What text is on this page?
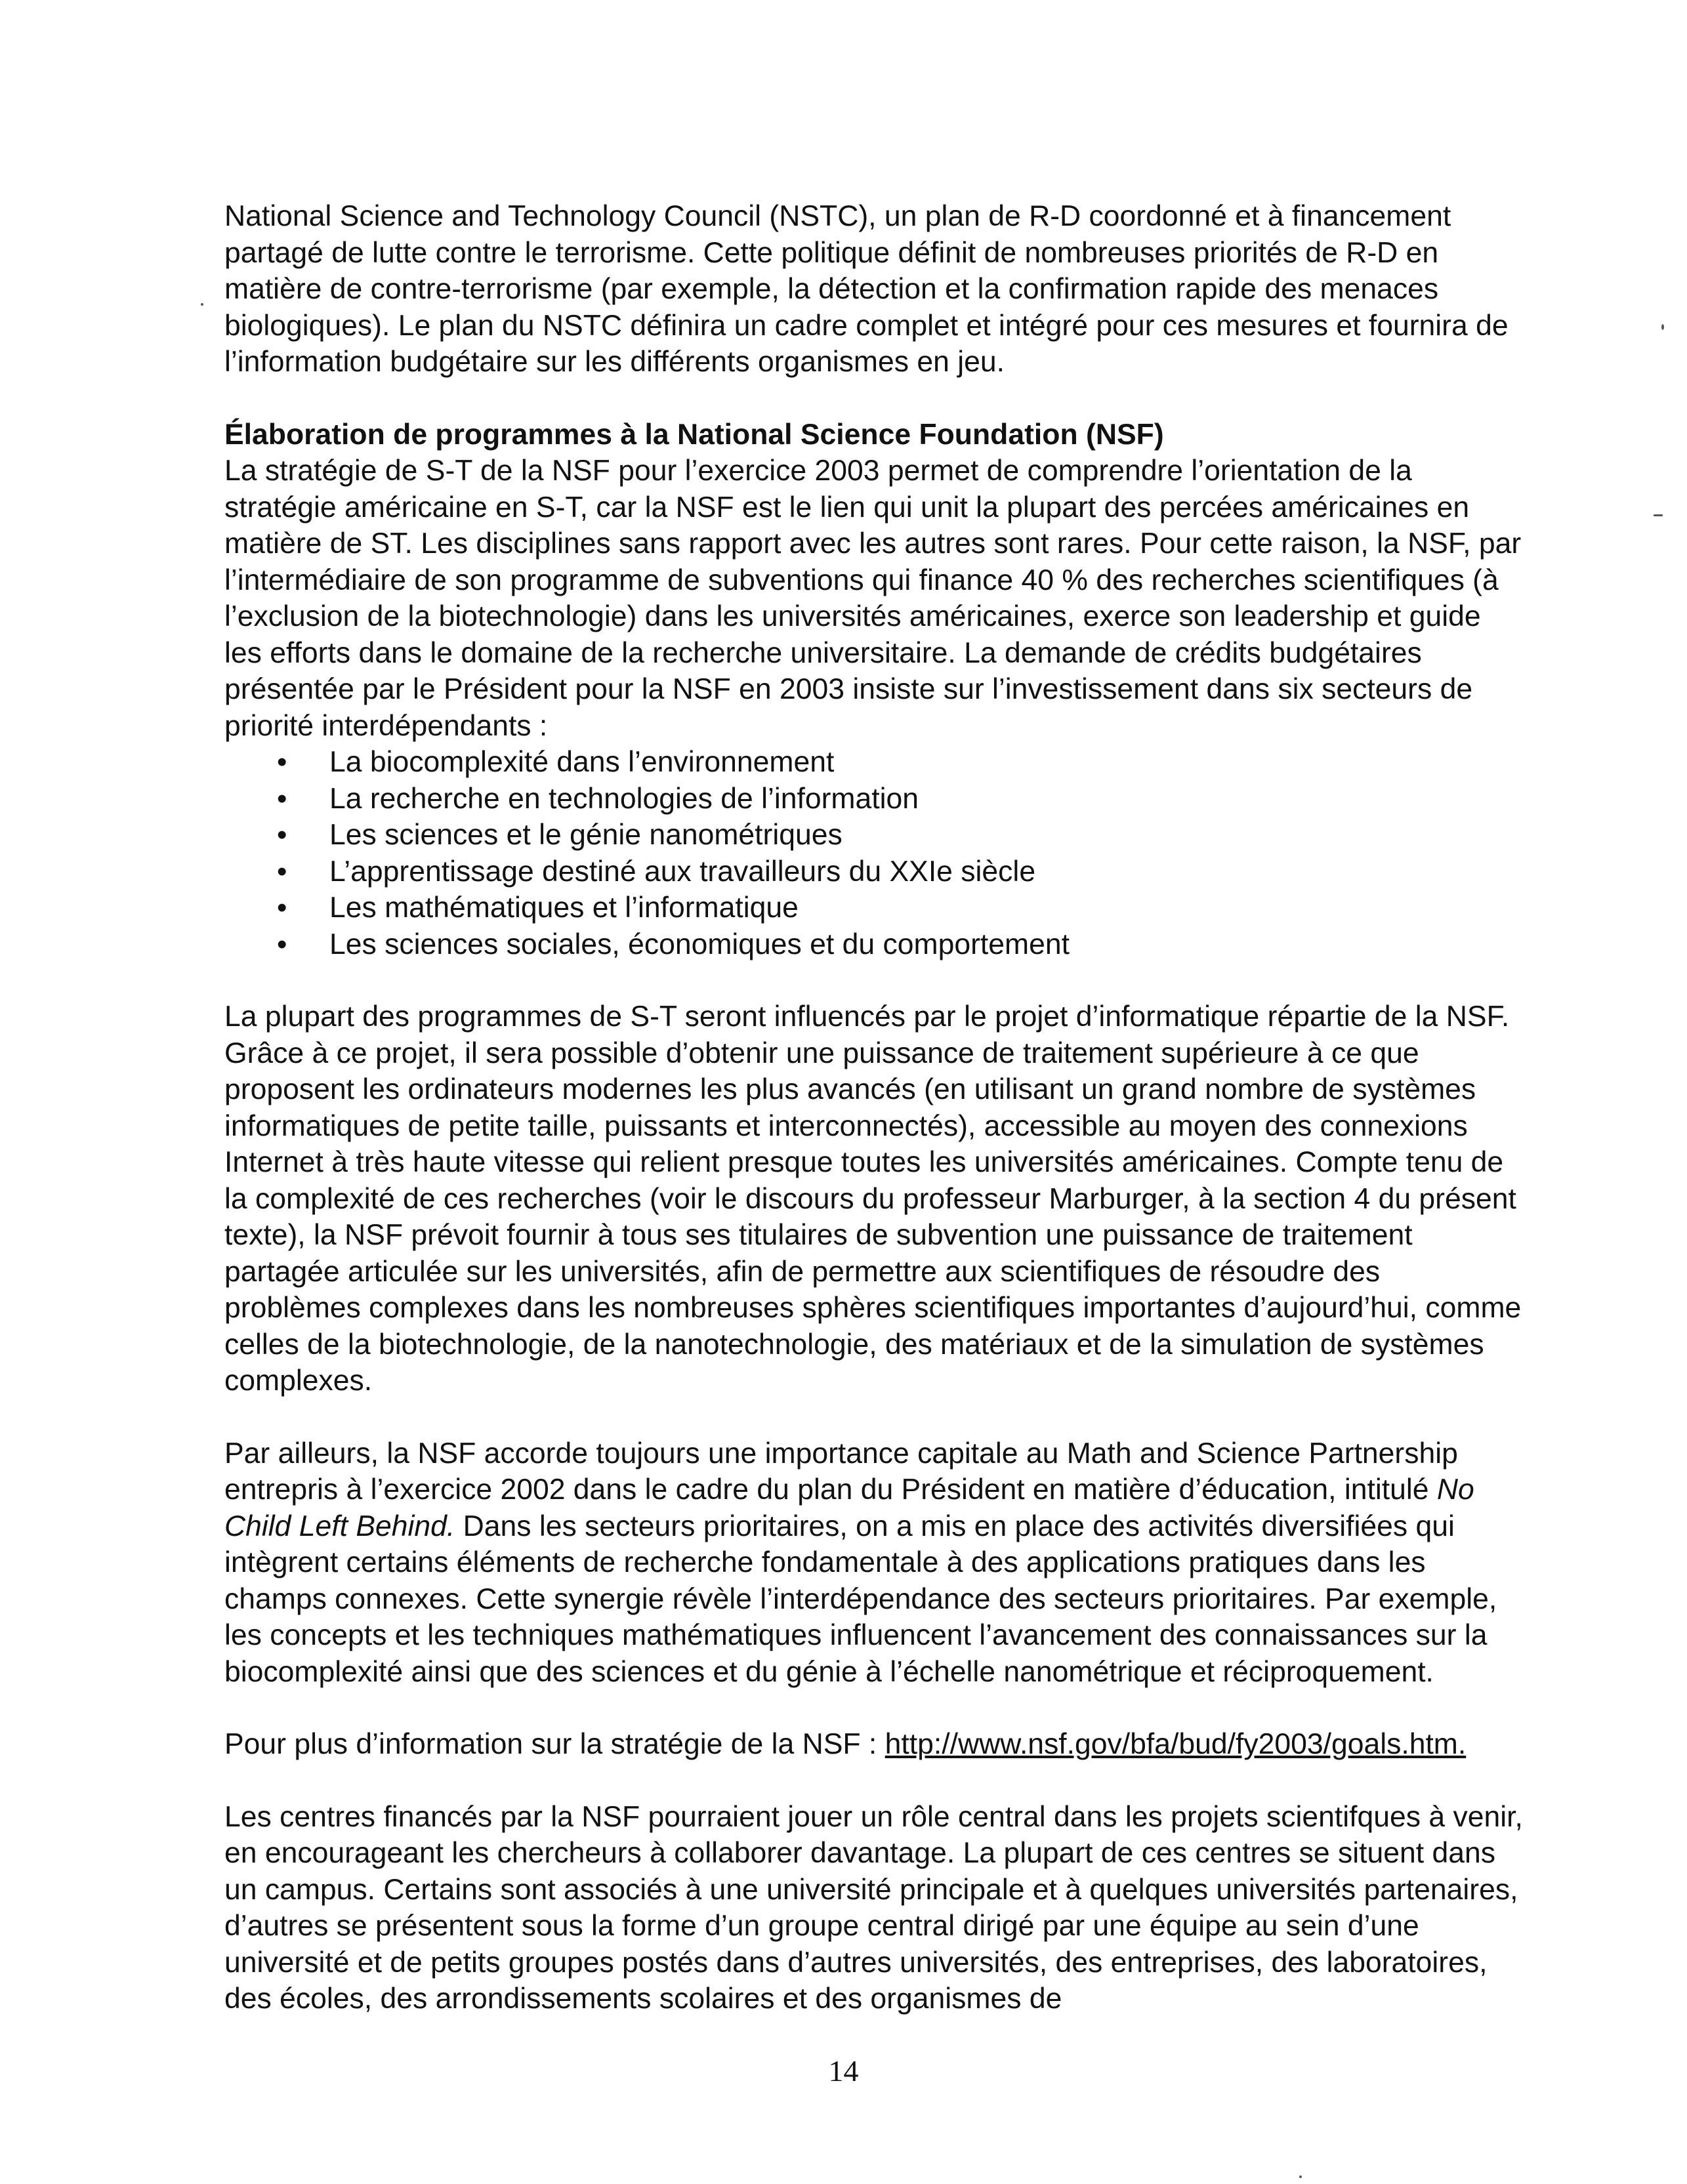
National Science and Technology Council (NSTC), un plan de R-D coordonné et à financement partagé de lutte contre le terrorisme. Cette politique définit de nombreuses priorités de R-D en matière de contre-terrorisme (par exemple, la détection et la confirmation rapide des menaces biologiques). Le plan du NSTC définira un cadre complet et intégré pour ces mesures et fournira de l’information budgétaire sur les différents organismes en jeu.

Élaboration de programmes à la National Science Foundation (NSF)

La stratégie de S-T de la NSF pour l’exercice 2003 permet de comprendre l’orientation de la stratégie américaine en S-T, car la NSF est le lien qui unit la plupart des percées américaines en matière de ST. Les disciplines sans rapport avec les autres sont rares. Pour cette raison, la NSF, par l’intermédiaire de son programme de subventions qui finance 40 % des recherches scientifiques (à l’exclusion de la biotechnologie) dans les universités américaines, exerce son leadership et guide les efforts dans le domaine de la recherche universitaire. La demande de crédits budgétaires présentée par le Président pour la NSF en 2003 insiste sur l’investissement dans six secteurs de priorité interdépendants :

• La biocomplexité dans l’environnement
• La recherche en technologies de l’information
• Les sciences et le génie nanométriques
• L’apprentissage destiné aux travailleurs du XXIe siècle
• Les mathématiques et l’informatique
• Les sciences sociales, économiques et du comportement

La plupart des programmes de S-T seront influencés par le projet d’informatique répartie de la NSF. Grâce à ce projet, il sera possible d’obtenir une puissance de traitement supérieure à ce que proposent les ordinateurs modernes les plus avancés (en utilisant un grand nombre de systèmes informatiques de petite taille, puissants et interconnectés), accessible au moyen des connexions Internet à très haute vitesse qui relient presque toutes les universités américaines. Compte tenu de la complexité de ces recherches (voir le discours du professeur Marburger, à la section 4 du présent texte), la NSF prévoit fournir à tous ses titulaires de subvention une puissance de traitement partagée articulée sur les universités, afin de permettre aux scientifiques de résoudre des problèmes complexes dans les nombreuses sphères scientifiques importantes d’aujourd’hui, comme celles de la biotechnologie, de la nanotechnologie, des matériaux et de la simulation de systèmes complexes.

Par ailleurs, la NSF accorde toujours une importance capitale au Math and Science Partnership entrepris à l’exercice 2002 dans le cadre du plan du Président en matière d’éducation, intitulé No Child Left Behind. Dans les secteurs prioritaires, on a mis en place des activités diversifiées qui intègrent certains éléments de recherche fondamentale à des applications pratiques dans les champs connexes. Cette synergie révèle l’interdépendance des secteurs prioritaires. Par exemple, les concepts et les techniques mathématiques influencent l’avancement des connaissances sur la biocomplexité ainsi que des sciences et du génie à l’échelle nanométrique et réciproquement.

Pour plus d’information sur la stratégie de la NSF : http://www.nsf.gov/bfa/bud/fy2003/goals.htm.

Les centres financés par la NSF pourraient jouer un rôle central dans les projets scientifques à venir, en encourageant les chercheurs à collaborer davantage. La plupart de ces centres se situent dans un campus. Certains sont associés à une université principale et à quelques universités partenaires, d’autres se présentent sous la forme d’un groupe central dirigé par une équipe au sein d’une université et de petits groupes postés dans d’autres universités, des entreprises, des laboratoires, des écoles, des arrondissements scolaires et des organismes de

14
